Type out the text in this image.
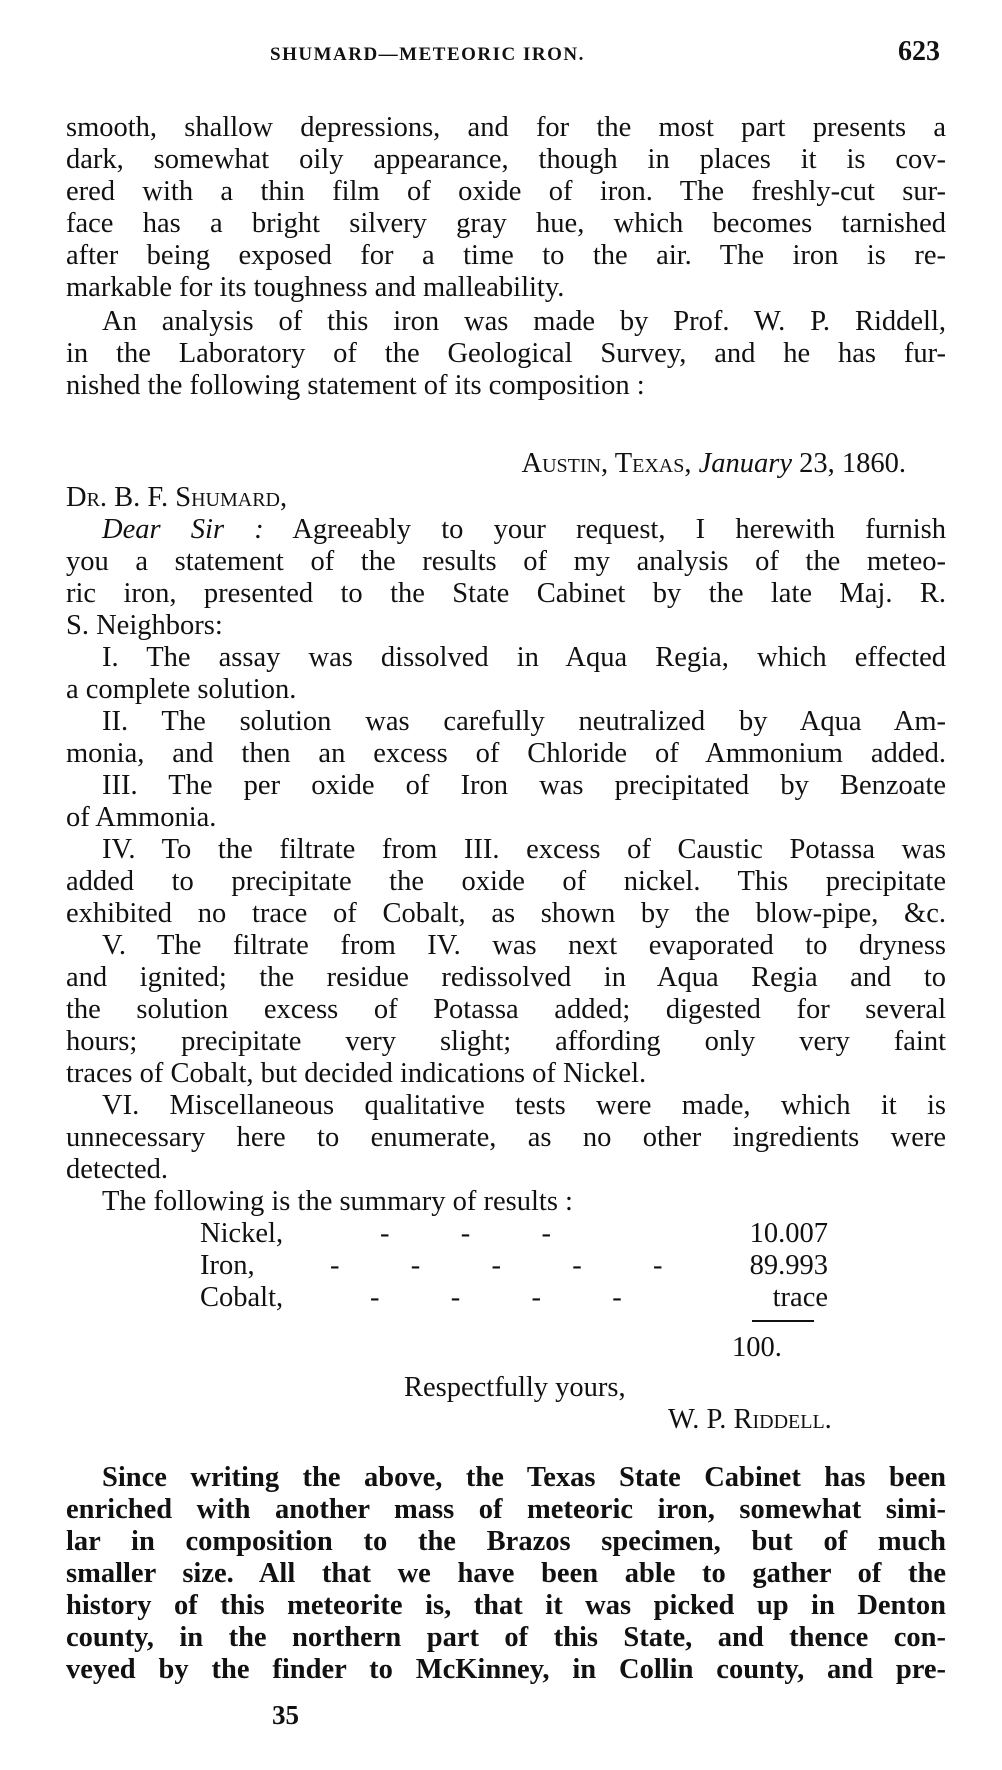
SHUMARD—METEORIC IRON.	623
smooth, shallow depressions, and for the most part presents a
dark, somewhat oily appearance, though in places it is cov-
ered with a thin film of oxide of iron. The freshly-cut sur-
face has a bright silvery gray hue, which becomes tarnished
after being exposed for a time to the air. The iron is re-
markable for its toughness and malleability.
An analysis of this iron was made by Prof. W. P. Riddell,
in the Laboratory of the Geological Survey, and he has fur-
nished the following statement of its composition :
Austin, Texas, January 23, 1860.
Dr. B. F. Shumard,
Dear Sir : Agreeably to your request, I herewith furnish
you a statement of the results of my analysis of the meteo-
ric iron, presented to the State Cabinet by the late Maj. R.
S. Neighbors:
I. The assay was dissolved in Aqua Regia, which effected
a complete solution.
II. The solution was carefully neutralized by Aqua Am-
monia, and then an excess of Chloride of Ammonium added.
III. The per oxide of Iron was precipitated by Benzoate
of Ammonia.
IV. To the filtrate from III. excess of Caustic Potassa was
added to precipitate the oxide of nickel. This precipitate
exhibited no trace of Cobalt, as shown by the blow-pipe, &c.
V. The filtrate from IV. was next evaporated to dryness
and ignited; the residue redissolved in Aqua Regia and to
the solution excess of Potassa added; digested for several
hours; precipitate very slight; affording only very faint
traces of Cobalt, but decided indications of Nickel.
VI. Miscellaneous qualitative tests were made, which it is
unnecessary here to enumerate, as no other ingredients were
detected.
The following is the summary of results :
Nickel,	-          -          -	10.007
Iron,	-          -          -          -          -	89.993
Cobalt,	-          -          -          -	trace
100.
Respectfully yours,
W. P. Riddell.
Since writing the above, the Texas State Cabinet has been
enriched with another mass of meteoric iron, somewhat simi-
lar in composition to the Brazos specimen, but of much
smaller size. All that we have been able to gather of the
history of this meteorite is, that it was picked up in Denton
county, in the northern part of this State, and thence con-
veyed by the finder to McKinney, in Collin county, and pre-
35
